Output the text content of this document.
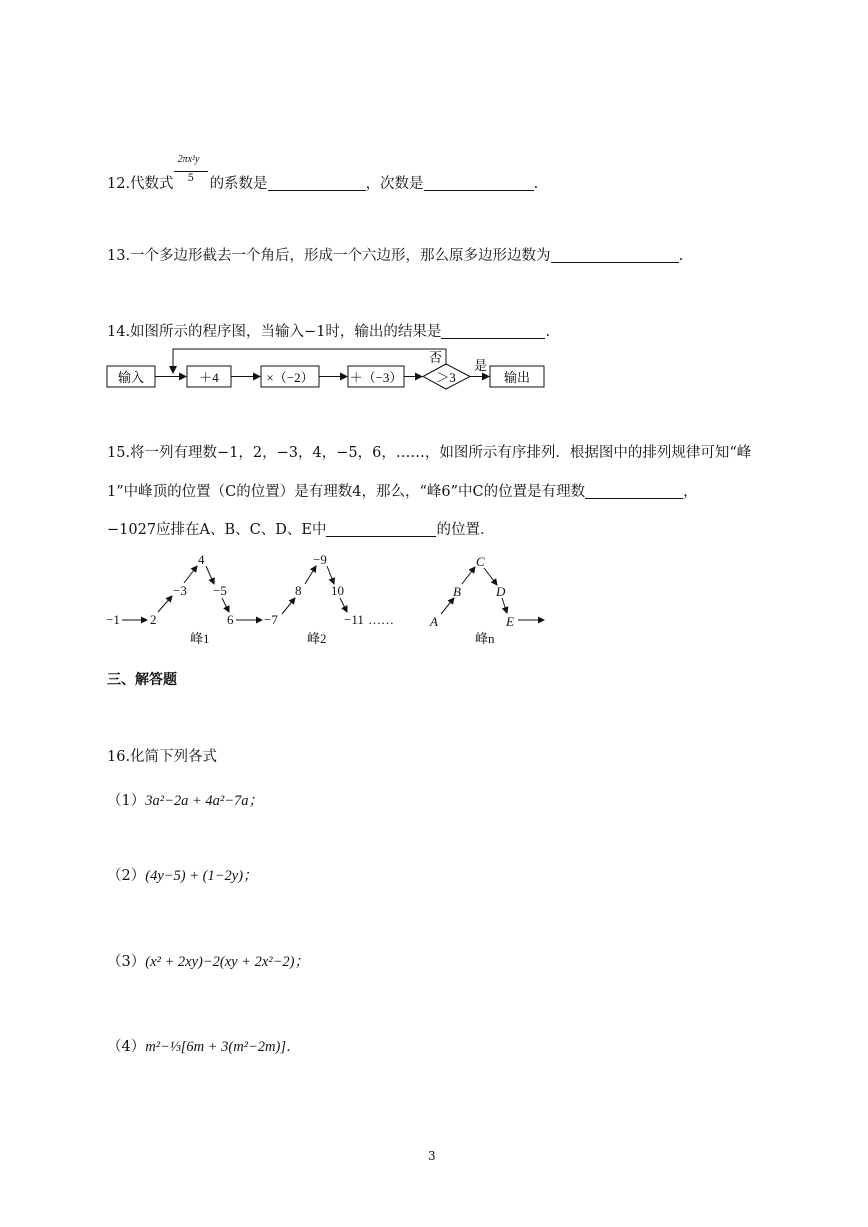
12.代数式 $\frac{\text{2πx²y}}{5}$ 的系数是	，次数是	.
13.一个多边形截去一个角后，形成一个六边形，那么原多边形边数为	.
14.如图所示的程序图，当输入−1时，输出的结果是	.
输入	＋4	×（−2）	＋（−3）	＞3
是
输出
否
15.将一列有理数−1，2，−3，4，−5，6，……，如图所示有序排列．根据图中的排列规律可知“峰
1”中峰顶的位置（C的位置）是有理数4，那么，“峰6”中C的位置是有理数	，
−1027应排在A、B、C、D、E中	的位置．
−1 2
−3
4
−5
6 −7
8
−9
10
−11 ……	A
B
C
D
E
峰1	峰2	峰n
三、解答题
16.化简下列各式
（1）3a²−2a + 4a²−7a；
（2）(4y−5) + (1−2y)；
（3）(x² + 2xy)−2(xy + 2x²−2)；
（4）m²−⅓[6m + 3(m²−2m)]．
3
